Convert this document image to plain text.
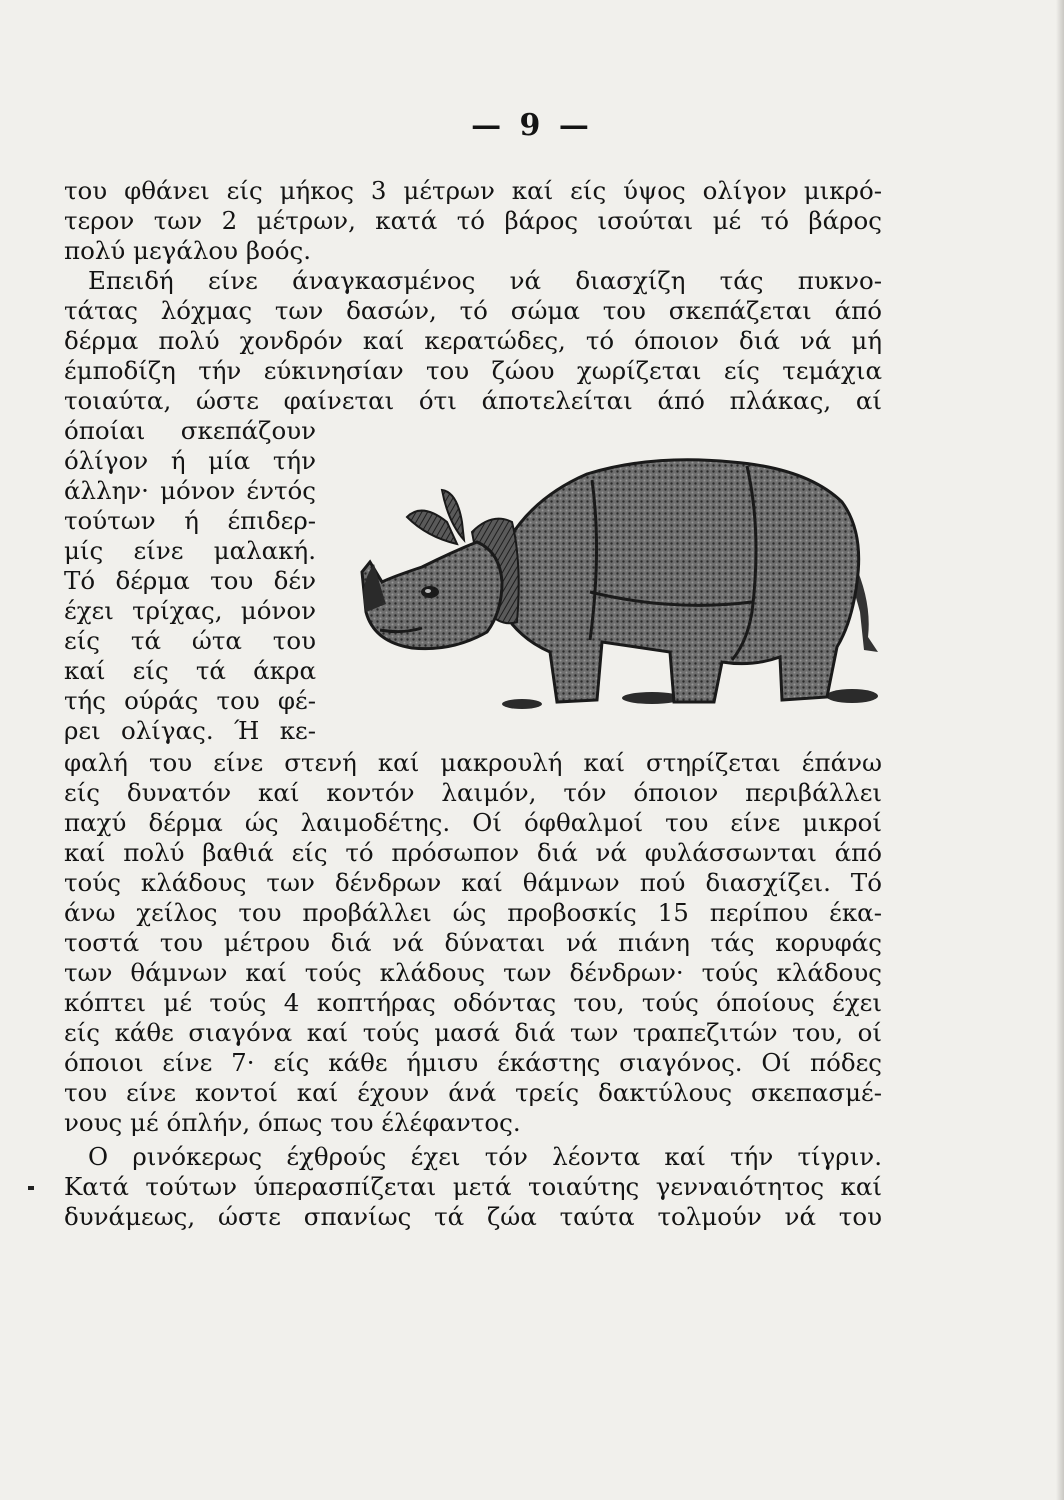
— 9 —
του φθάνει είς μήκος 3 μέτρων καί είς ύψος ολίγον μικρό-
τερον των 2 μέτρων, κατά τό βάρος ισούται μέ τό βάρος
πολύ μεγάλου βοός.
Επειδή είνε άναγκασμένος νά διασχίζη τάς πυκνο-
τάτας λόχμας των δασών, τό σώμα του σκεπάζεται άπό
δέρμα πολύ χονδρόν καί κερατώδες, τό όποιον διά νά μή
έμποδίζη τήν εύκινησίαν του ζώου χωρίζεται είς τεμάχια
τοιαύτα, ώστε φαίνεται ότι άποτελείται άπό πλάκας, αί
όποίαι σκεπάζουν
όλίγον ή μία τήν
άλλην· μόνον έντός
τούτων ή έπιδερ-
μίς είνε μαλακή.
Τό δέρμα του δέν
έχει τρίχας, μόνον
είς τά ώτα του
καί είς τά άκρα
τής ούράς του φέ-
ρει ολίγας. Ή κε-
φαλή του είνε στενή καί μακρουλή καί στηρίζεται έπάνω
είς δυνατόν καί κοντόν λαιμόν, τόν όποιον περιβάλλει
παχύ δέρμα ώς λαιμοδέτης. Οί όφθαλμοί του είνε μικροί
καί πολύ βαθιά είς τό πρόσωπον διά νά φυλάσσωνται άπό
τούς κλάδους των δένδρων καί θάμνων πού διασχίζει. Τό
άνω χείλος του προβάλλει ώς προβοσκίς 15 περίπου έκα-
τοστά του μέτρου διά νά δύναται νά πιάνη τάς κορυφάς
των θάμνων καί τούς κλάδους των δένδρων· τούς κλάδους
κόπτει μέ τούς 4 κοπτήρας οδόντας του, τούς όποίους έχει
είς κάθε σιαγόνα καί τούς μασά διά των τραπεζιτών του, οί
όποιοι είνε 7· είς κάθε ήμισυ έκάστης σιαγόνος. Οί πόδες
του είνε κοντοί καί έχουν άνά τρείς δακτύλους σκεπασμέ-
νους μέ όπλήν, όπως του έλέφαντος.
Ο ρινόκερως έχθρούς έχει τόν λέοντα καί τήν τίγριν.
Κατά τούτων ύπερασπίζεται μετά τοιαύτης γενναιότητος καί
δυνάμεως, ώστε σπανίως τά ζώα ταύτα τολμούν νά του
